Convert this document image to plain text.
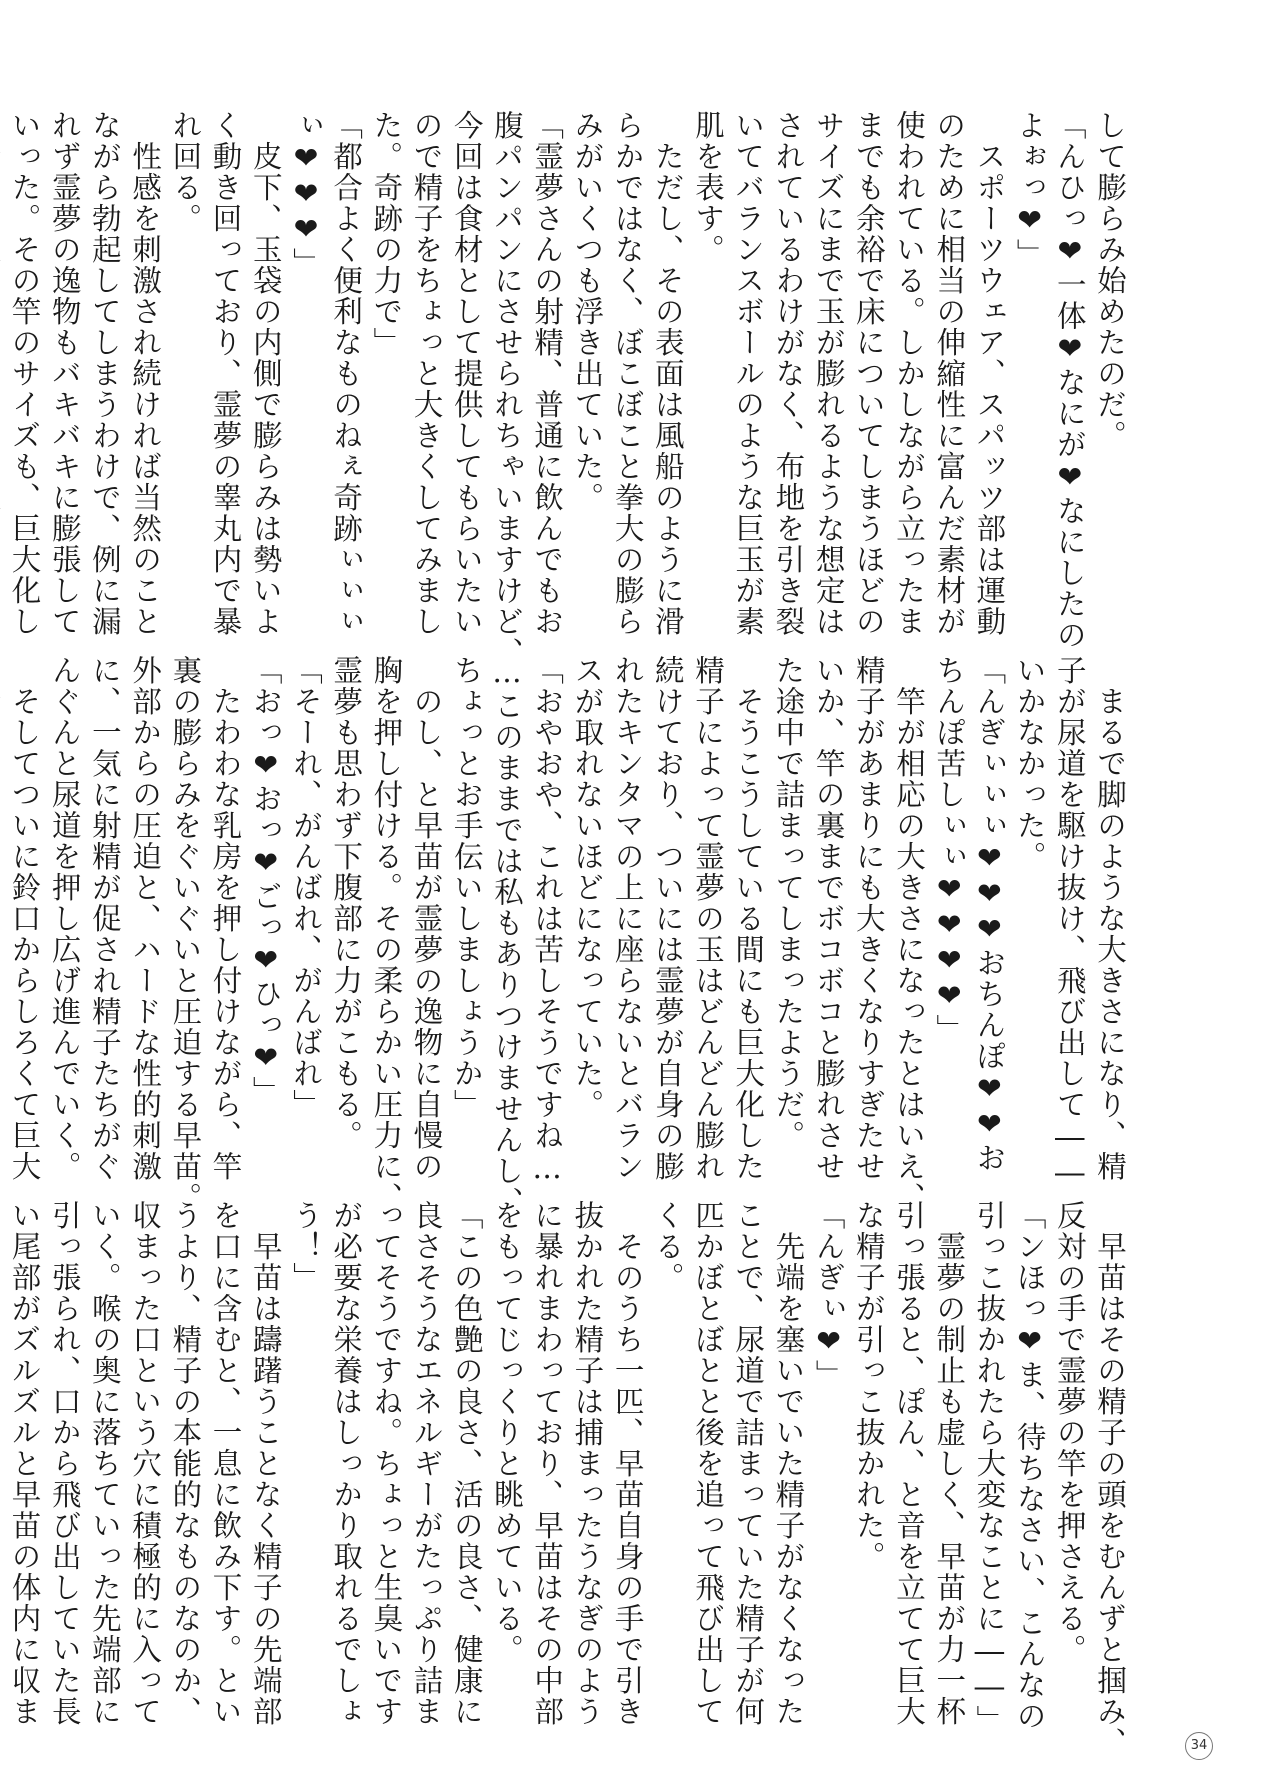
して膨らみ始めたのだ。
「んひっ❤一体❤なにが❤なにしたの
よぉっ❤」
　スポーツウェア、スパッツ部は運動
のために相当の伸縮性に富んだ素材が
使われている。しかしながら立ったま
までも余裕で床についてしまうほどの
サイズにまで玉が膨れるような想定は
されているわけがなく、布地を引き裂
いてバランスボールのような巨玉が素
肌を表す。
　ただし、その表面は風船のように滑
らかではなく、ぼこぼこと拳大の膨ら
みがいくつも浮き出ていた。
「霊夢さんの射精、普通に飲んでもお
腹パンパンにさせられちゃいますけど、
今回は食材として提供してもらいたい
ので精子をちょっと大きくしてみまし
た。奇跡の力で」
「都合よく便利なものねぇ奇跡ぃぃぃ
ぃ❤❤❤」
　皮下、玉袋の内側で膨らみは勢いよ
く動き回っており、霊夢の睾丸内で暴
れ回る。
　性感を刺激され続ければ当然のこと
ながら勃起してしまうわけで、例に漏
れず霊夢の逸物もバキバキに膨張して
いった。その竿のサイズも、巨大化し

　まるで脚のような大きさになり、精
子が尿道を駆け抜け、飛び出して――
いかなかった。
「んぎぃぃぃ❤❤❤おちんぽ❤❤お
ちんぽ苦しぃぃ❤❤❤❤」
　竿が相応の大きさになったとはいえ、
精子があまりにも大きくなりすぎたせ
いか、竿の裏までボコボコと膨れさせ
た途中で詰まってしまったようだ。
　そうこうしている間にも巨大化した
精子によって霊夢の玉はどんどん膨れ
続けており、ついには霊夢が自身の膨
れたキンタマの上に座らないとバラン
スが取れないほどになっていた。
「おやおや、これは苦しそうですね…
…このままでは私もありつけませんし、
ちょっとお手伝いしましょうか」
　のし、と早苗が霊夢の逸物に自慢の
胸を押し付ける。その柔らかい圧力に、
霊夢も思わず下腹部に力がこもる。
「そーれ、がんばれ、がんばれ」
「おっ❤おっ❤ごっ❤ひっ❤」
　たわわな乳房を押し付けながら、竿
裏の膨らみをぐいぐいと圧迫する早苗。
外部からの圧迫と、ハードな性的刺激
に、一気に射精が促され精子たちがぐ
んぐんと尿道を押し広げ進んでいく。
　そしてついに鈴口からしろくて巨大

　早苗はその精子の頭をむんずと掴み、
反対の手で霊夢の竿を押さえる。
「ンほっ❤ま、待ちなさい、こんなの
引っこ抜かれたら大変なことに――」
　霊夢の制止も虚しく、早苗が力一杯
引っ張ると、ぽん、と音を立てて巨大
な精子が引っこ抜かれた。
「んぎぃ❤」
　先端を塞いでいた精子がなくなった
ことで、尿道で詰まっていた精子が何
匹かぼとぼとと後を追って飛び出して
くる。
　そのうち一匹、早苗自身の手で引き
抜かれた精子は捕まったうなぎのよう
に暴れまわっており、早苗はその中部
をもってじっくりと眺めている。
「この色艶の良さ、活の良さ、健康に
良さそうなエネルギーがたっぷり詰ま
ってそうですね。ちょっと生臭いです
が必要な栄養はしっかり取れるでしょ
う！」
　早苗は躊躇うことなく精子の先端部
を口に含むと、一息に飲み下す。とい
うより、精子の本能的なものなのか、
収まった口という穴に積極的に入って
いく。喉の奥に落ちていった先端部に
引っ張られ、口から飛び出していた長
い尾部がズルズルと早苗の体内に収ま

34
